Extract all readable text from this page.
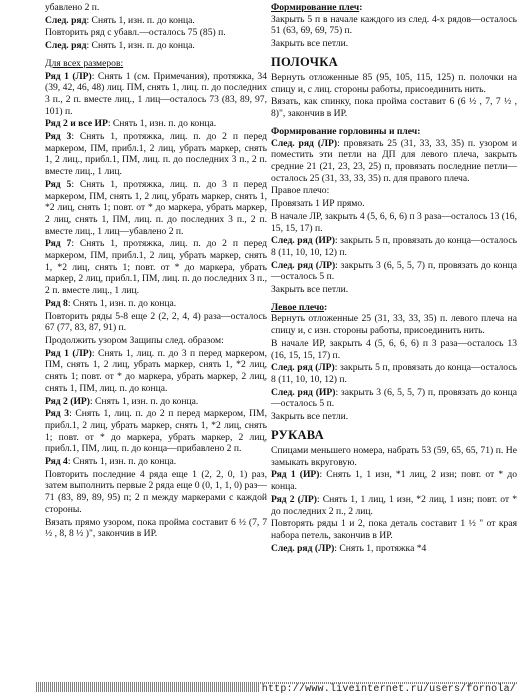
убавлено 2 п.

След. ряд: Снять 1, изн. п. до конца.

Повторить ряд с убавл.—осталось 75 (85) п.

След. ряд: Снять 1, изн. п. до конца.

Для всех размеров:

Ряд 1 (ЛР): Снять 1 (см. Примечания), протяжка, 34 (39, 42, 46, 48) лиц. ПМ, снять 1, лиц. п. до последних 3 п., 2 п. вместе лиц., 1 лиц—осталось 73 (83, 89, 97, 101) п.

Ряд 2 и все ИР: Снять 1, изн. п. до конца.

Ряд 3: Снять 1, протяжка, лиц. п. до 2 п перед маркером, ПМ, прибл.1, 2 лиц, убрать маркер, снять 1, 2 лиц., прибл.1, ПМ, лиц. п. до последних 3 п., 2 п. вместе лиц., 1 лиц.

Ряд 5: Снять 1, протяжка, лиц. п. до 3 п перед маркером, ПМ, снять 1, 2 лиц, убрать маркер, снять 1, *2 лиц, снять 1; повт. от * до маркера, убрать маркер, 2 лиц, снять 1, ПМ, лиц. п. до последних 3 п., 2 п. вместе лиц., 1 лиц—убавлено 2 п.

Ряд 7: Снять 1, протяжка, лиц. п. до 2 п перед маркером, ПМ, прибл.1, 2 лиц, убрать маркер, снять 1, *2 лиц, снять 1; повт. от * до маркера, убрать маркер, 2 лиц, прибл.1, ПМ, лиц. п. до последних 3 п., 2 п. вместе лиц., 1 лиц.

Ряд 8: Снять 1, изн. п. до конца.

Повторить ряды 5-8 еще 2 (2, 2, 4, 4) раза—осталось 67 (77, 83, 87, 91) п.

Продолжить узором Защипы след. образом:

Ряд 1 (ЛР): Снять 1, лиц. п. до 3 п перед маркером, ПМ, снять 1, 2 лиц, убрать маркер, снять 1, *2 лиц, снять 1; повт. от * до маркера, убрать маркер, 2 лиц, снять 1, ПМ, лиц. п. до конца.

Ряд 2 (ИР): Снять 1, изн. п. до конца.

Ряд 3: Снять 1, лиц. п. до 2 п перед маркером, ПМ, прибл.1, 2 лиц, убрать маркер, снять 1, *2 лиц, снять 1; повт. от * до маркера, убрать маркер, 2 лиц, прибл.1, ПМ, лиц. п. до конца—прибавлено 2 п.

Ряд 4: Снять 1, изн. п. до конца.

Повторить последние 4 ряда еще 1 (2, 2, 0, 1) раз, затем выполнить первые 2 ряда еще 0 (0, 1, 1, 0) раз—71 (83, 89, 89, 95) п; 2 п между маркерами с каждой стороны.

Вязать прямо узором, пока пройма составит 6 ½ (7, 7 ½ , 8, 8 ½ )", закончив в ИР.

Формирование плеч:

Закрыть 5 п в начале каждого из след. 4-х рядов—осталось 51 (63, 69, 69, 75) п.

Закрыть все петли.

ПОЛОЧКА

Вернуть отложенные 85 (95, 105, 115, 125) п. полочки на спицу и, с лиц. стороны работы, присоединить нить.

Вязать, как спинку, пока пройма составит 6 (6 ½ , 7, 7 ½ , 8)", закончив в ИР.

Формирование горловины и плеч:

След. ряд (ЛР): провязать 25 (31, 33, 33, 35) п. узором и поместить эти петли на ДП для левого плеча, закрыть средние 21 (21, 23, 23, 25) п, провязать последние петли—осталось 25 (31, 33, 33, 35) п. для правого плеча.

Правое плечо:

Провязать 1 ИР прямо.

В начале ЛР, закрыть 4 (5, 6, 6, 6) п 3 раза—осталось 13 (16, 15, 15, 17) п.

След. ряд (ИР): закрыть 5 п, провязать до конца—осталось 8 (11, 10, 10, 12) п.

След. ряд (ЛР): закрыть 3 (6, 5, 5, 7) п, провязать до конца—осталось 5 п.

Закрыть все петли.

Левое плечо:

Вернуть отложенные 25 (31, 33, 33, 35) п. левого плеча на спицу и, с изн. стороны работы, присоединить нить.

В начале ИР, закрыть 4 (5, 6, 6, 6) п 3 раза—осталось 13 (16, 15, 15, 17) п.

След. ряд (ЛР): закрыть 5 п, провязать до конца—осталось 8 (11, 10, 10, 12) п.

След. ряд (ИР): закрыть 3 (6, 5, 5, 7) п, провязать до конца—осталось 5 п.

Закрыть все петли.

РУКАВА

Спицами меньшего номера, набрать 53 (59, 65, 65, 71) п. Не замыкать вкруговую.

Ряд 1 (ИР): Снять 1, 1 изн, *1 лиц, 2 изн; повт. от * до конца.

Ряд 2 (ЛР): Снять 1, 1 лиц, 1 изн, *2 лиц, 1 изн; повт. от * до последних 2 п., 2 лиц.

Повторять ряды 1 и 2, пока деталь составит 1 ½ " от края набора петель, закончив в ИР.

След. ряд (ЛР): Снять 1, протяжка *4

http://www.liveinternet.ru/users/fornola/
